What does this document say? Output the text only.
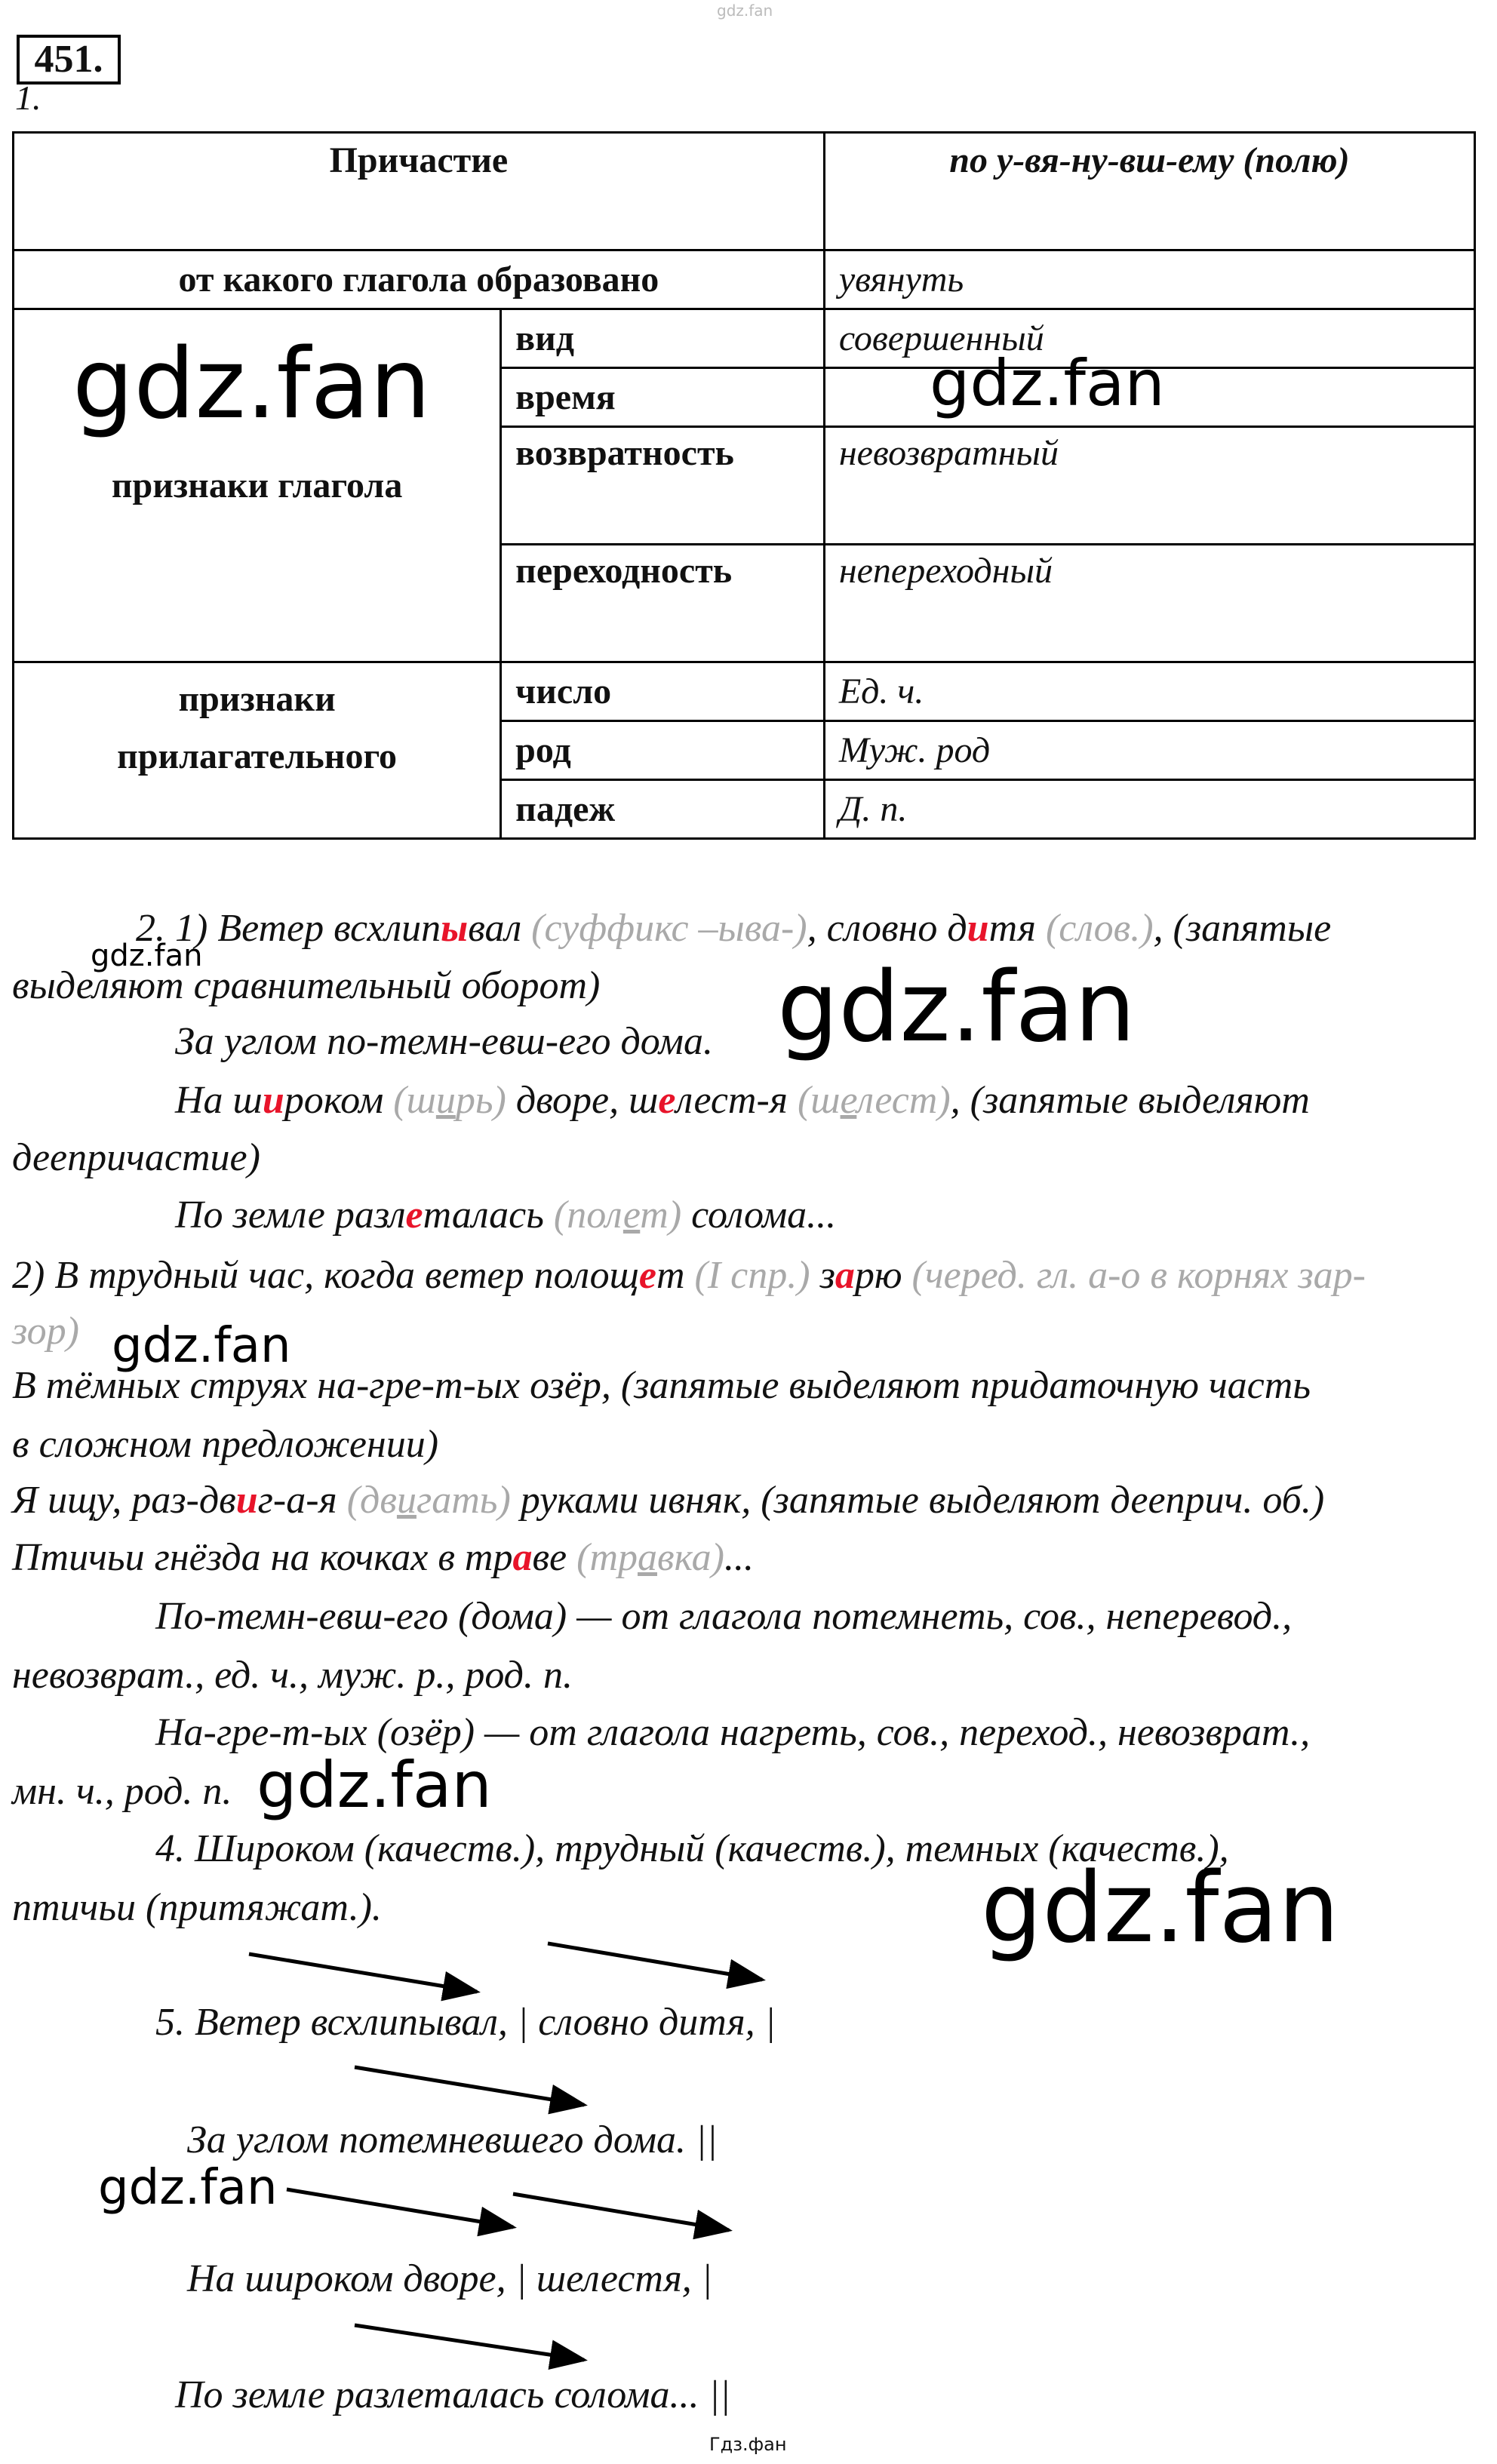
gdz.fan
451.
1.
Причастие		по у-вя-ну-вш-ему (полю)
от какого глагола образовано		увянуть
признаки глагола	вид	совершенный
	время	
	возвратность	невозвратный
	переходность	непереходный

признаки
прилагательного	число	Ед. ч.
	род	Муж. род
	падеж	Д. п.
2. 1) Ветер всхлипывал (суффикс –ыва-), словно дитя (слов.), (запятые
выделяют сравнительный оборот)
За углом по-темн-евш-его дома.
На широком (ширь) дворе, шелест-я (шелест), (запятые выделяют
деепричастие)
По земле разлеталась (полет) солома...
2) В трудный час, когда ветер полощет (I спр.) зарю (черед. гл. а-о в корнях зар-
зор)
В тёмных струях на-гре-т-ых озёр, (запятые выделяют придаточную часть
в сложном предложении)
Я ищу, раз-двиг-а-я (двигать) руками ивняк, (запятые выделяют дееприч. об.)
Птичьи гнёзда на кочках в траве (травка)...
По-темн-евш-его (дома) — от глагола потемнеть, сов., неперевод.,
невозврат., ед. ч., муж. р., род. п.
На-гре-т-ых (озёр) — от глагола нагреть, сов., переход., невозврат.,
мн. ч., род. п.
4. Широком (качеств.), трудный (качеств.), темных (качеств.),
птичьи (притяжат.).
5. Ветер всхлипывал, | словно дитя, |
За углом потемневшего дома. ||
На широком дворе, | шелестя, |
По земле разлеталась солома... ||
gdz.fan	gdz.fan
gdz.fan	gdz.fan
gdz.fan
gdz.fan
gdz.fan
gdz.fan
Гдз.фан
